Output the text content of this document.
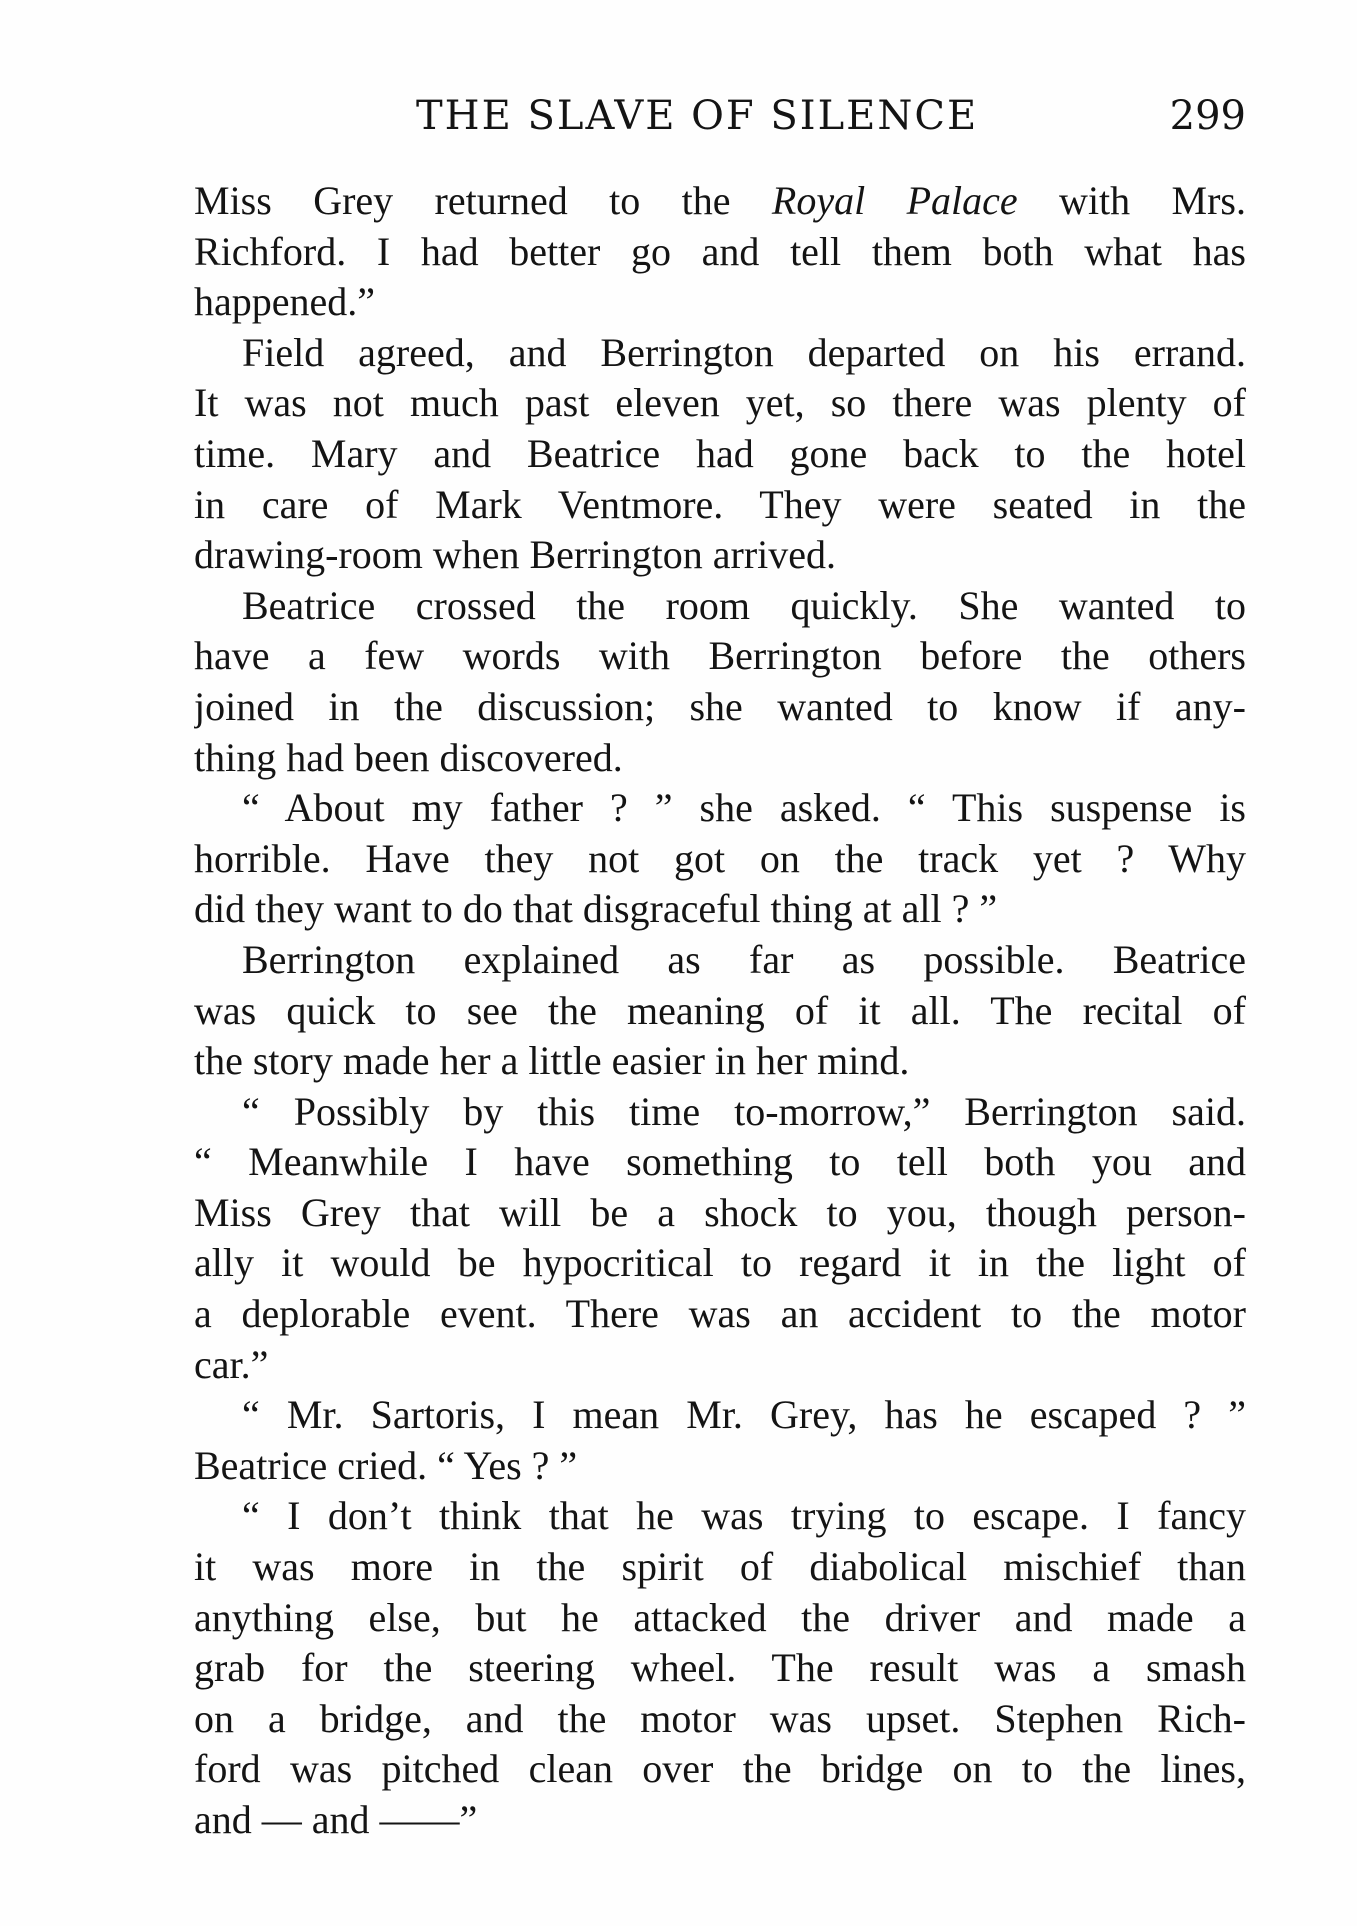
THE SLAVE OF SILENCE	299
Miss Grey returned to the Royal Palace with Mrs.
Richford. I had better go and tell them both what has
happened.”
Field agreed, and Berrington departed on his errand.
It was not much past eleven yet, so there was plenty of
time. Mary and Beatrice had gone back to the hotel
in care of Mark Ventmore. They were seated in the
drawing-room when Berrington arrived.
Beatrice crossed the room quickly. She wanted to
have a few words with Berrington before the others
joined in the discussion; she wanted to know if any-
thing had been discovered.
“ About my father ? ” she asked. “ This suspense is
horrible. Have they not got on the track yet ? Why
did they want to do that disgraceful thing at all ? ”
Berrington explained as far as possible. Beatrice
was quick to see the meaning of it all. The recital of
the story made her a little easier in her mind.
“ Possibly by this time to-morrow,” Berrington said.
“ Meanwhile I have something to tell both you and
Miss Grey that will be a shock to you, though person-
ally it would be hypocritical to regard it in the light of
a deplorable event. There was an accident to the motor
car.”
“ Mr. Sartoris, I mean Mr. Grey, has he escaped ? ”
Beatrice cried. “ Yes ? ”
“ I don’t think that he was trying to escape. I fancy
it was more in the spirit of diabolical mischief than
anything else, but he attacked the driver and made a
grab for the steering wheel. The result was a smash
on a bridge, and the motor was upset. Stephen Rich-
ford was pitched clean over the bridge on to the lines,
and — and ——”
